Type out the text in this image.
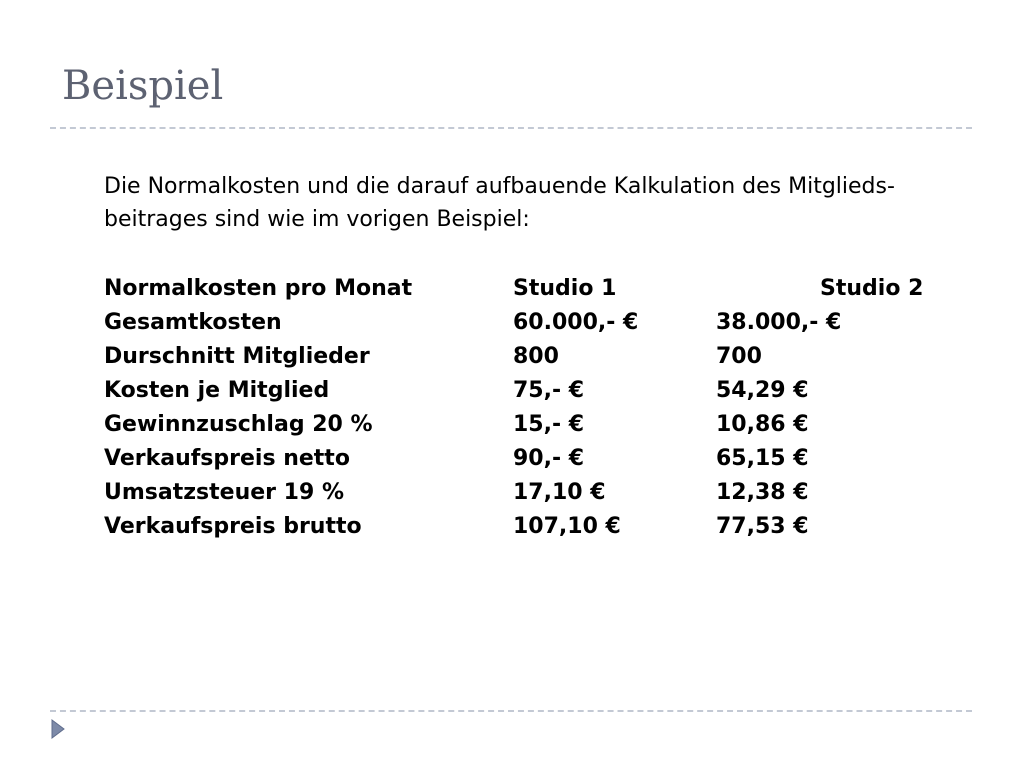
Beispiel
Die Normalkosten und die darauf aufbauende Kalkulation des Mitglieds-
beitrages sind wie im vorigen Beispiel:
Normalkosten pro Monat	Studio 1	Studio 2
Gesamtkosten	60.000,- €	38.000,- €
Durschnitt Mitglieder	800	700
Kosten je Mitglied	75,- €	54,29 €
Gewinnzuschlag 20 %	15,- €	10,86 €
Verkaufspreis netto	90,- €	65,15 €
Umsatzsteuer 19 %	17,10 €	12,38 €
Verkaufspreis brutto	107,10 €	77,53 €
